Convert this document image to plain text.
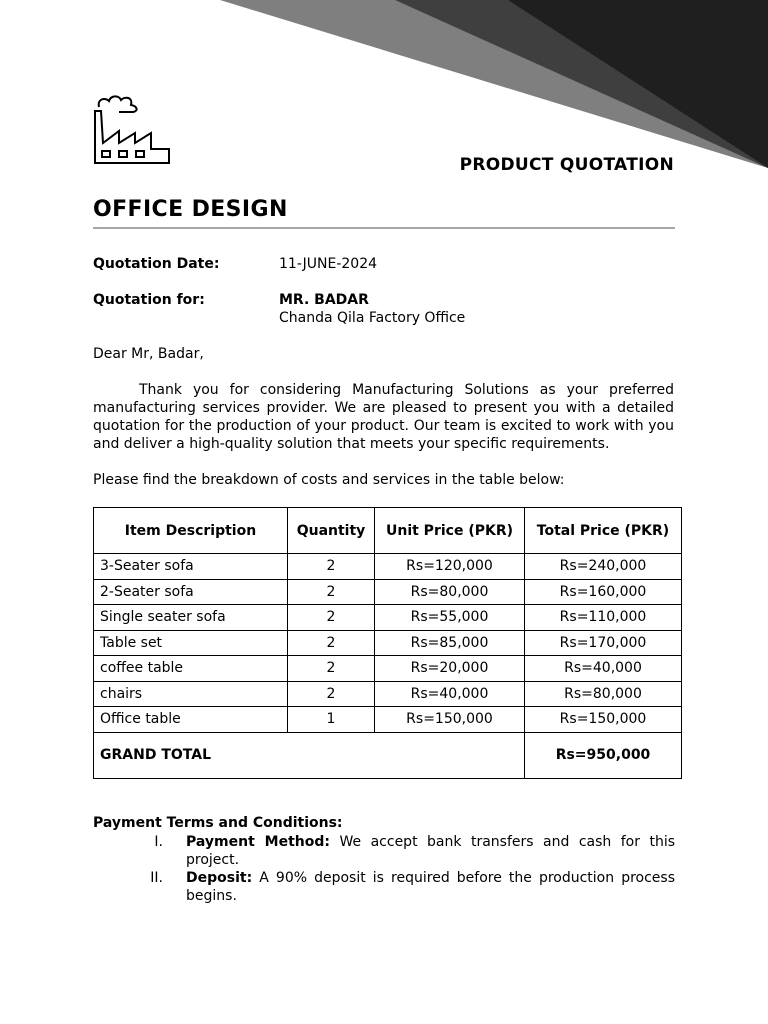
PRODUCT QUOTATION
OFFICE DESIGN
Quotation Date:	11-JUNE-2024
Quotation for:	MR. BADAR
Chanda Qila Factory Office
Dear Mr, Badar,
Thank you for considering Manufacturing Solutions as your preferred manufacturing services provider. We are pleased to present you with a detailed quotation for the production of your product. Our team is excited to work with you and deliver a high-quality solution that meets your specific requirements.
Please find the breakdown of costs and services in the table below:
Item Description	Quantity	Unit Price (PKR)	Total Price (PKR)
3-Seater sofa	2	Rs=120,000	Rs=240,000
2-Seater sofa	2	Rs=80,000	Rs=160,000
Single seater sofa	2	Rs=55,000	Rs=110,000
Table set	2	Rs=85,000	Rs=170,000
coffee table	2	Rs=20,000	Rs=40,000
chairs	2	Rs=40,000	Rs=80,000
Office table	1	Rs=150,000	Rs=150,000
GRAND TOTAL			Rs=950,000
Payment Terms and Conditions:
I. Payment Method: We accept bank transfers and cash for this project.
II. Deposit: A 90% deposit is required before the production process begins.
